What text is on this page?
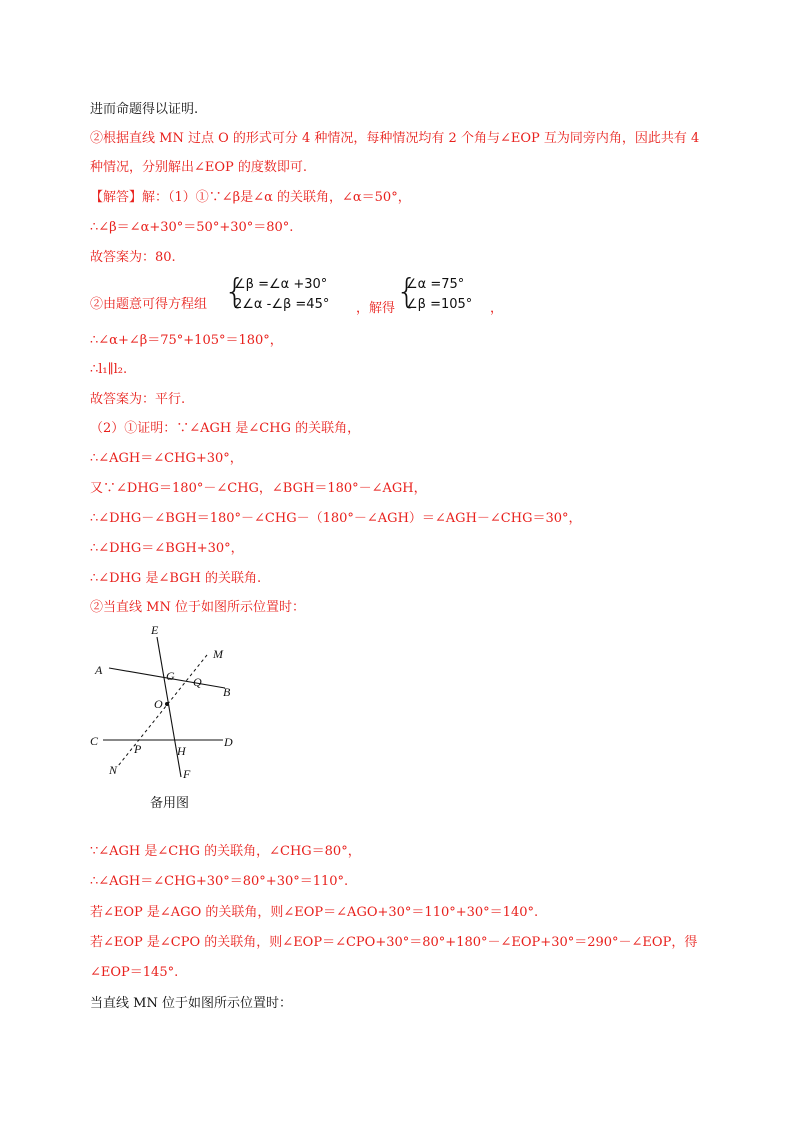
进而命题得以证明.
②根据直线 MN 过点 O 的形式可分 4 种情况，每种情况均有 2 个角与∠EOP 互为同旁内角，因此共有 4
种情况，分别解出∠EOP 的度数即可.
【解答】解：（1）①∵∠β是∠α 的关联角，∠α＝50°，
∴∠β＝∠α+30°＝50°+30°＝80°.
故答案为：80.
②由题意可得方程组 {
∠β =∠α +30°
2∠α -∠β =45° ，解得 {
∠α =75°
∠β =105° ，
∴∠α+∠β＝75°+105°＝180°，
∴l₁∥l₂.
故答案为：平行.
（2）①证明：∵∠AGH 是∠CHG 的关联角，
∴∠AGH＝∠CHG+30°，
又∵∠DHG＝180°－∠CHG，∠BGH＝180°－∠AGH，
∴∠DHG－∠BGH＝180°－∠CHG－（180°－∠AGH）＝∠AGH－∠CHG＝30°，
∴∠DHG＝∠BGH+30°，
∴∠DHG 是∠BGH 的关联角.
②当直线 MN 位于如图所示位置时：
E
M
A	G Q
B
O
C
P	H
D
N	F
备用图
∵∠AGH 是∠CHG 的关联角，∠CHG＝80°，
∴∠AGH＝∠CHG+30°＝80°+30°＝110°.
若∠EOP 是∠AGO 的关联角，则∠EOP＝∠AGO+30°＝110°+30°＝140°.
若∠EOP 是∠CPO 的关联角，则∠EOP＝∠CPO+30°＝80°+180°－∠EOP+30°＝290°－∠EOP，得
∠EOP＝145°.
当直线 MN 位于如图所示位置时：
